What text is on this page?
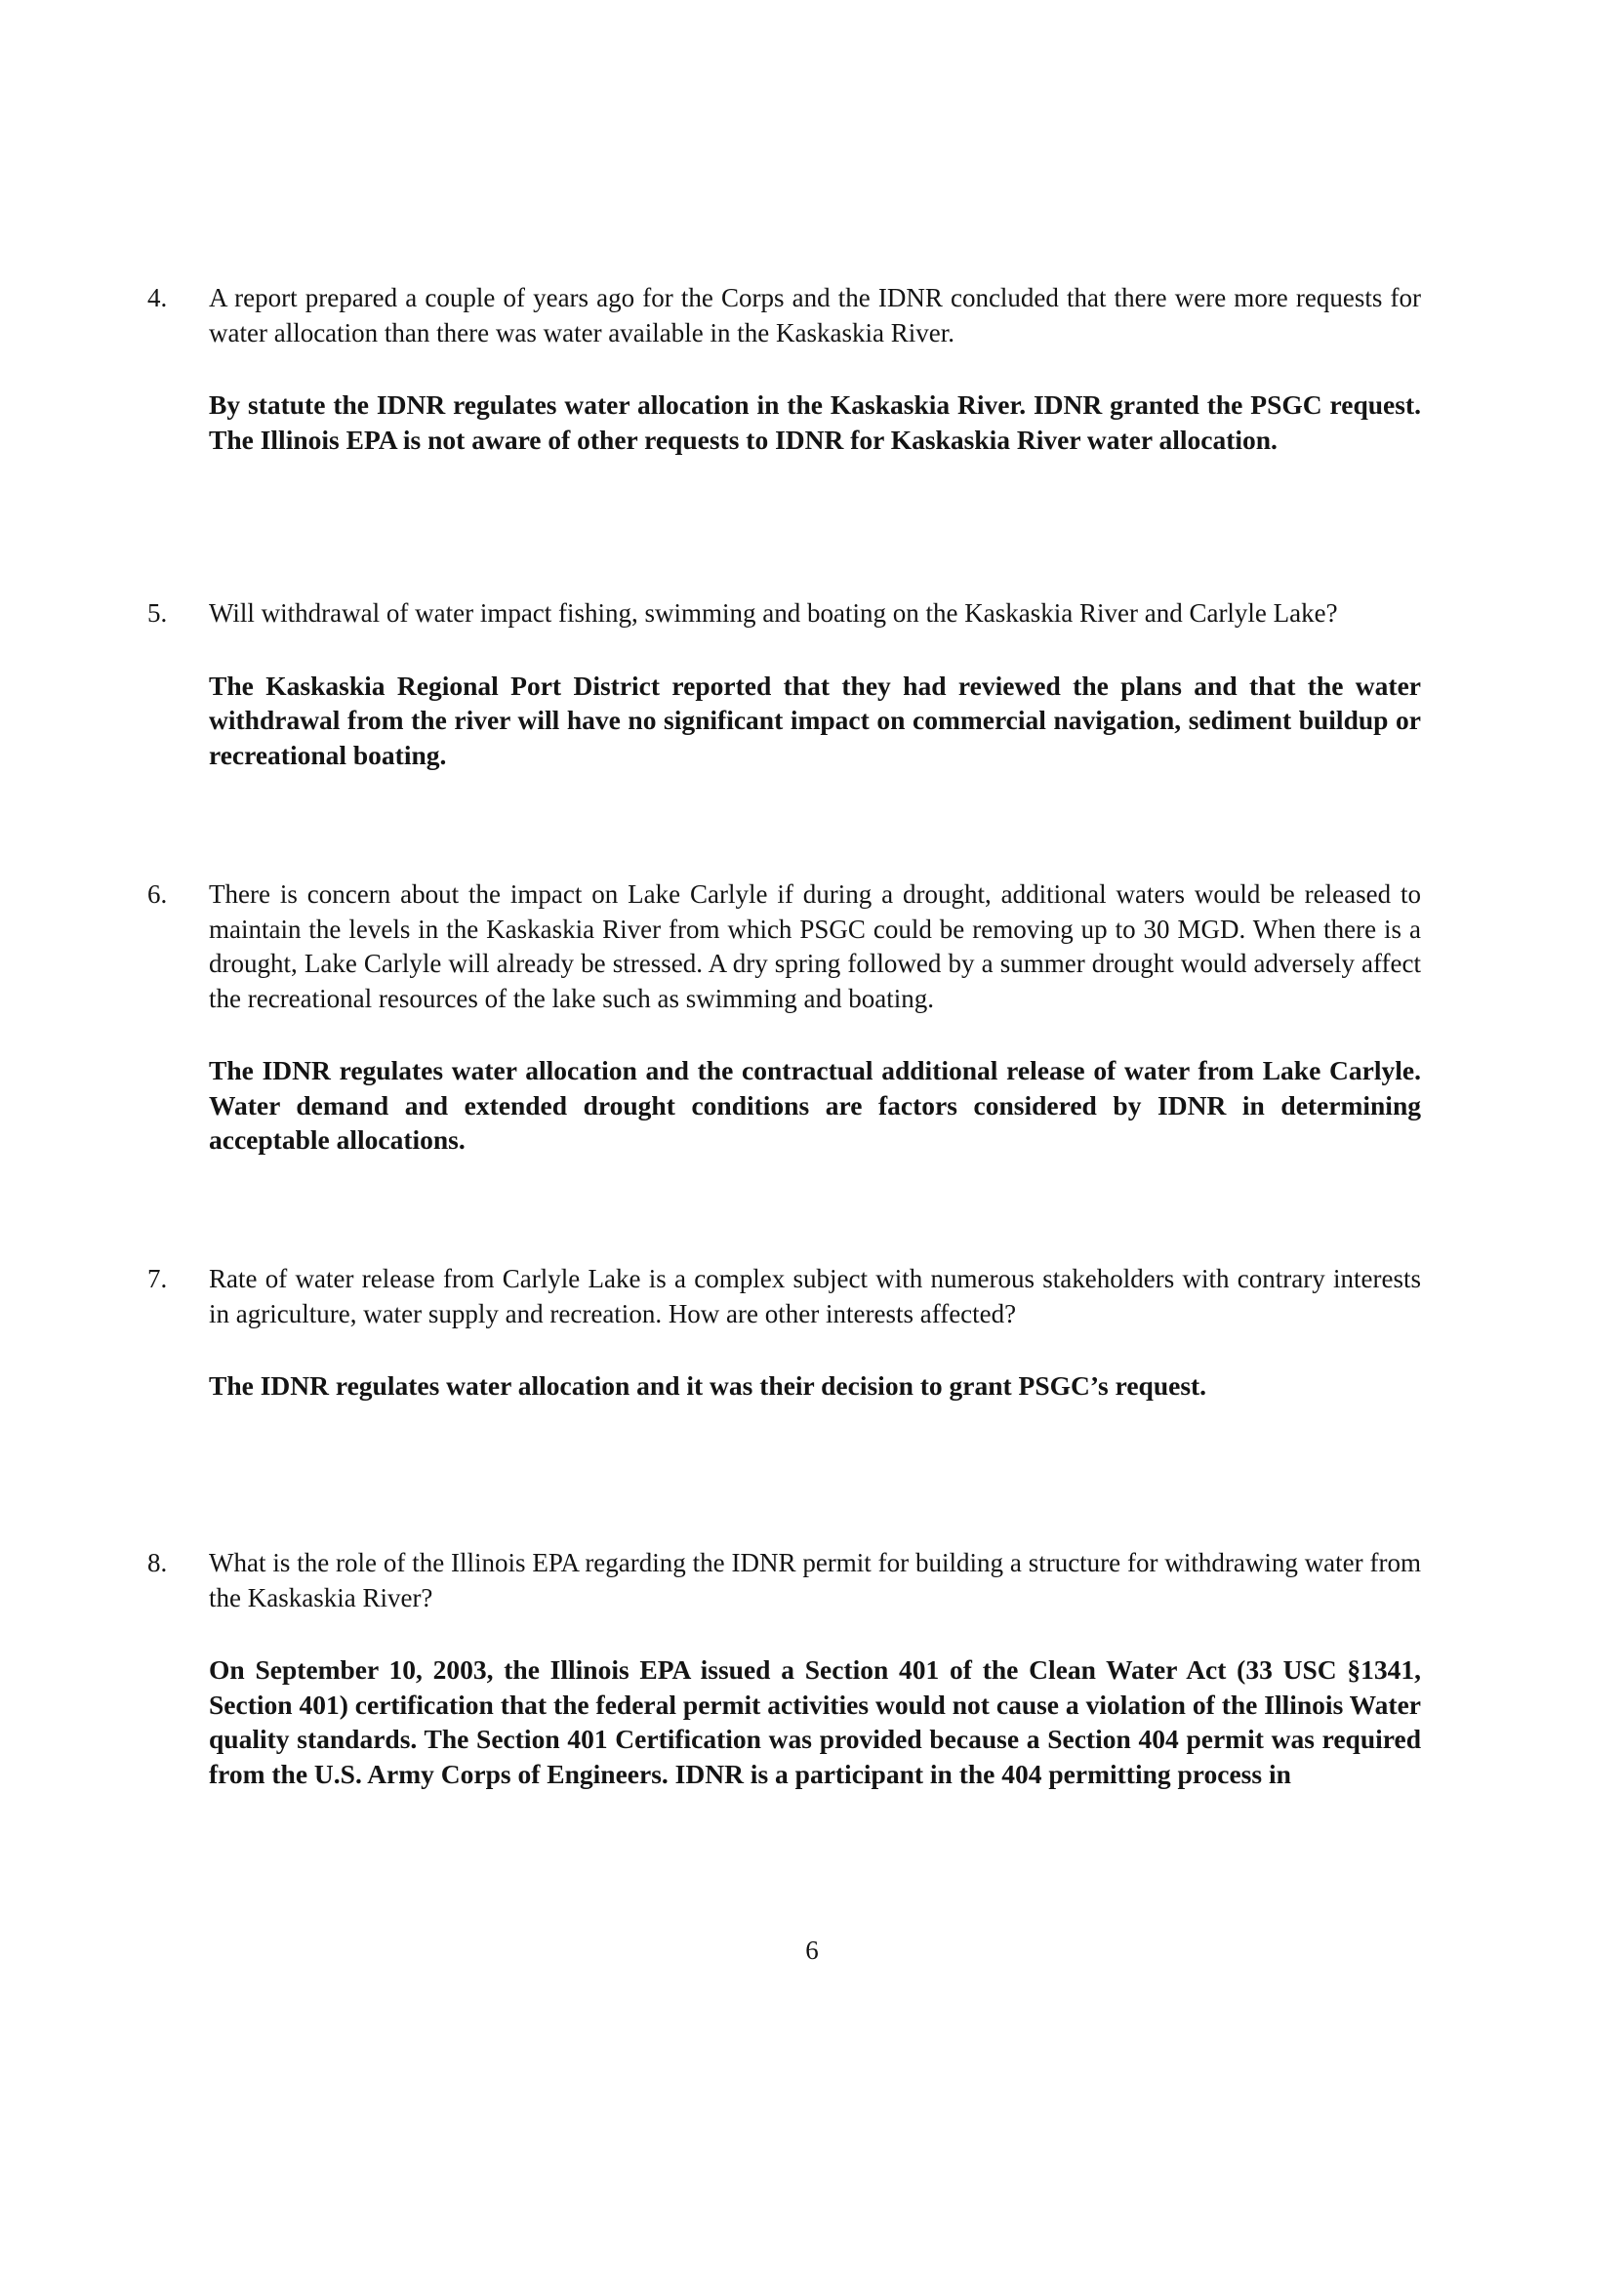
4. A report prepared a couple of years ago for the Corps and the IDNR concluded that there were more requests for water allocation than there was water available in the Kaskaskia River.

By statute the IDNR regulates water allocation in the Kaskaskia River. IDNR granted the PSGC request. The Illinois EPA is not aware of other requests to IDNR for Kaskaskia River water allocation.

5. Will withdrawal of water impact fishing, swimming and boating on the Kaskaskia River and Carlyle Lake?

The Kaskaskia Regional Port District reported that they had reviewed the plans and that the water withdrawal from the river will have no significant impact on commercial navigation, sediment buildup or recreational boating.

6. There is concern about the impact on Lake Carlyle if during a drought, additional waters would be released to maintain the levels in the Kaskaskia River from which PSGC could be removing up to 30 MGD. When there is a drought, Lake Carlyle will already be stressed. A dry spring followed by a summer drought would adversely affect the recreational resources of the lake such as swimming and boating.

The IDNR regulates water allocation and the contractual additional release of water from Lake Carlyle. Water demand and extended drought conditions are factors considered by IDNR in determining acceptable allocations.

7. Rate of water release from Carlyle Lake is a complex subject with numerous stakeholders with contrary interests in agriculture, water supply and recreation. How are other interests affected?

The IDNR regulates water allocation and it was their decision to grant PSGC’s request.

8. What is the role of the Illinois EPA regarding the IDNR permit for building a structure for withdrawing water from the Kaskaskia River?

On September 10, 2003, the Illinois EPA issued a Section 401 of the Clean Water Act (33 USC §1341, Section 401) certification that the federal permit activities would not cause a violation of the Illinois Water quality standards. The Section 401 Certification was provided because a Section 404 permit was required from the U.S. Army Corps of Engineers. IDNR is a participant in the 404 permitting process in

6
